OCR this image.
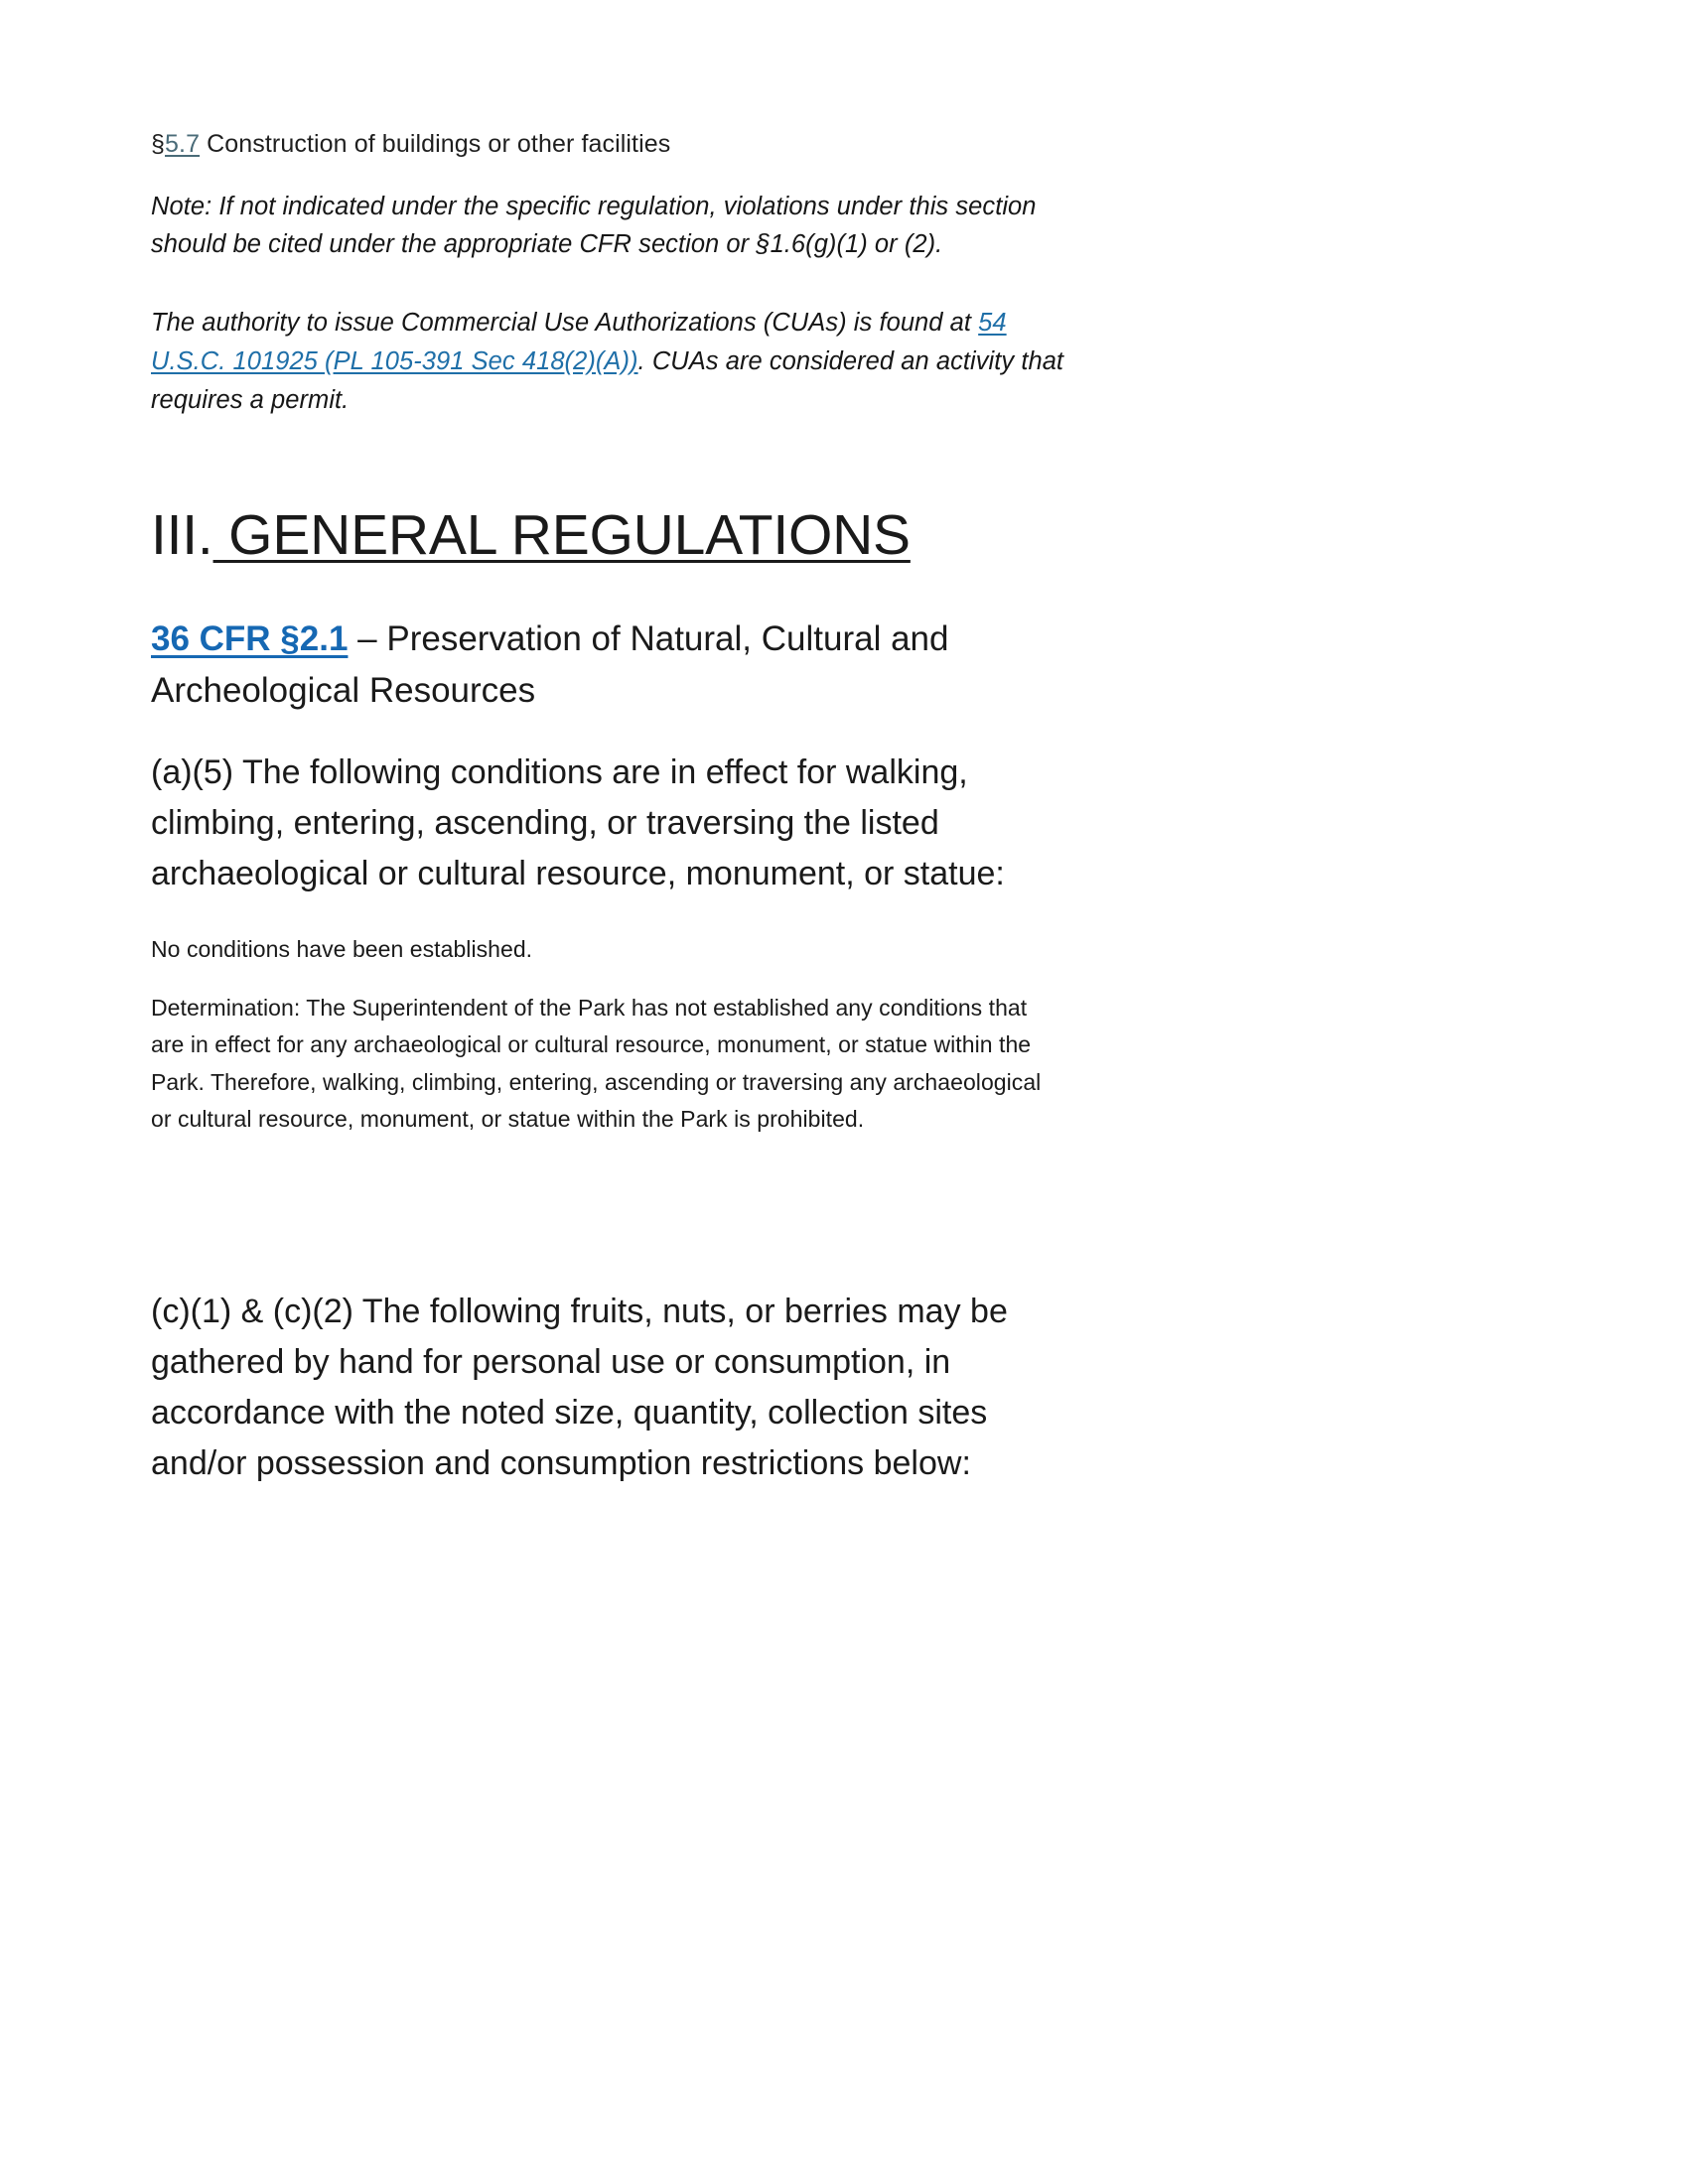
§5.7 Construction of buildings or other facilities

Note: If not indicated under the specific regulation, violations under this section should be cited under the appropriate CFR section or §1.6(g)(1) or (2).

The authority to issue Commercial Use Authorizations (CUAs) is found at 54 U.S.C. 101925 (PL 105-391 Sec 418(2)(A)). CUAs are considered an activity that requires a permit.

III. GENERAL REGULATIONS

36 CFR §2.1 – Preservation of Natural, Cultural and Archeological Resources

(a)(5) The following conditions are in effect for walking, climbing, entering, ascending, or traversing the listed archaeological or cultural resource, monument, or statue:

No conditions have been established.

Determination: The Superintendent of the Park has not established any conditions that are in effect for any archaeological or cultural resource, monument, or statue within the Park. Therefore, walking, climbing, entering, ascending or traversing any archaeological or cultural resource, monument, or statue within the Park is prohibited.

(c)(1) & (c)(2) The following fruits, nuts, or berries may be gathered by hand for personal use or consumption, in accordance with the noted size, quantity, collection sites and/or possession and consumption restrictions below:
